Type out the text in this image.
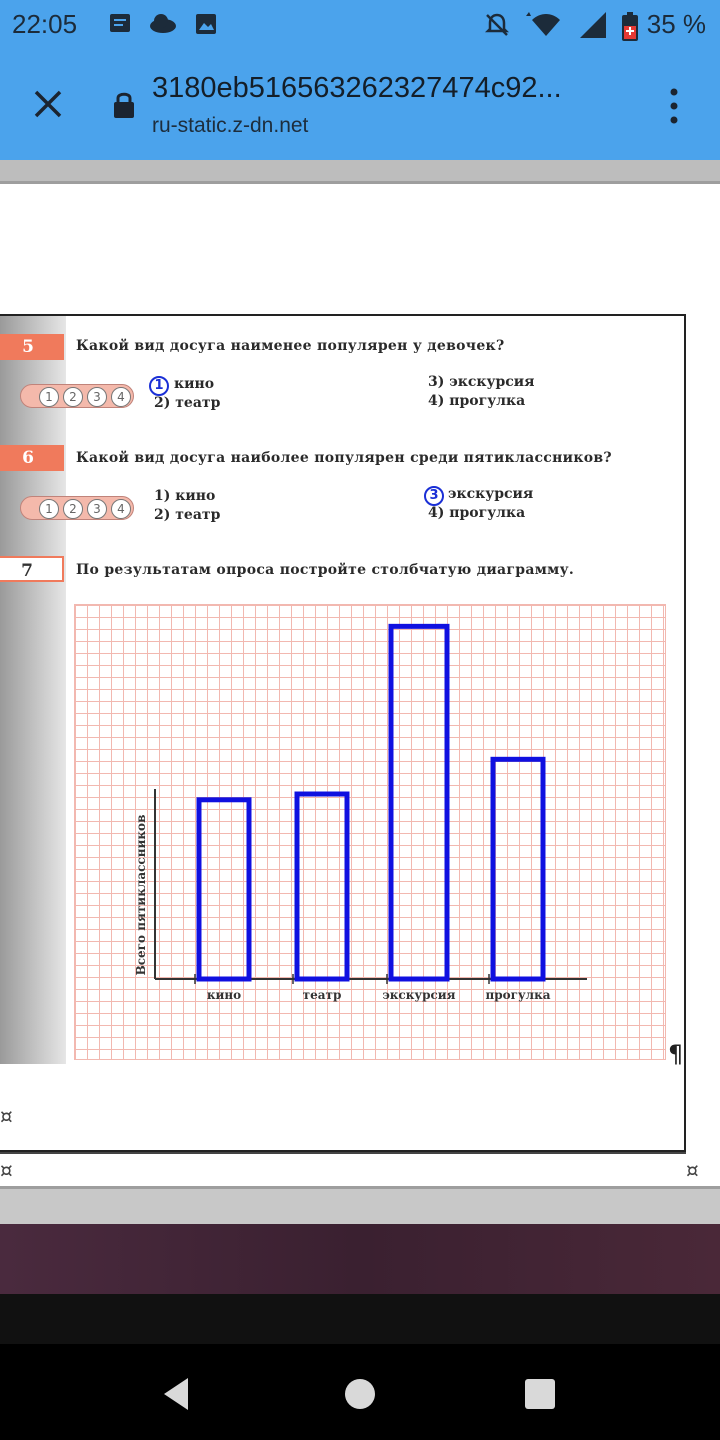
22:05	35 %
3180eb516563262327474c92...
ru-static.z-dn.net
5	Какой вид досуга наименее популярен у девочек?
1	2	3	4
1 кино
2) театр
3) экскурсия
4) прогулка
6	Какой вид досуга наиболее популярен среди пятиклассников?
1	2	3	4
1) кино
2) театр
3 экскурсия
4) прогулка
7	По результатам опроса постройте столбчатую диаграмму.
Всего пятиклассников
кино	театр	экскурсия прогулка
¤
¶
¤	¤
